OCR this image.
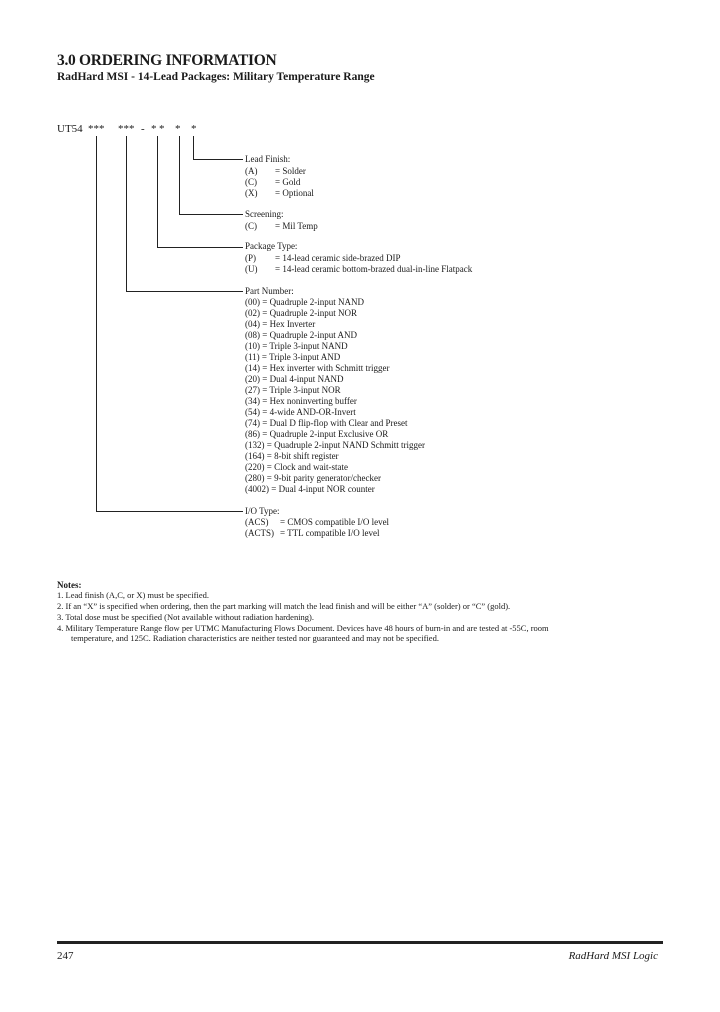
3.0 ORDERING INFORMATION
RadHard MSI - 14-Lead Packages: Military Temperature Range
UT54 *** *** - * * * *
Lead Finish:
(A) = Solder
(C) = Gold
(X) = Optional
Screening:
(C) = Mil Temp
Package Type:
(P) = 14-lead ceramic side-brazed DIP
(U) = 14-lead ceramic bottom-brazed dual-in-line Flatpack
Part Number:
(00) = Quadruple 2-input NAND
(02) = Quadruple 2-input NOR
(04) = Hex Inverter
(08) = Quadruple 2-input AND
(10) = Triple 3-input NAND
(11) = Triple 3-input AND
(14) = Hex inverter with Schmitt trigger
(20) = Dual 4-input NAND
(27) = Triple 3-input NOR
(34) = Hex noninverting buffer
(54) = 4-wide AND-OR-Invert
(74) = Dual D flip-flop with Clear and Preset
(86) = Quadruple 2-input Exclusive OR
(132) = Quadruple 2-input NAND Schmitt trigger
(164) = 8-bit shift register
(220) = Clock and wait-state
(280) = 9-bit parity generator/checker
(4002) = Dual 4-input NOR counter
I/O Type:
(ACS) = CMOS compatible I/O level
(ACTS) = TTL compatible I/O level
Notes:
1. Lead finish (A,C, or X) must be specified.
2. If an “X” is specified when ordering, then the part marking will match the lead finish and will be either “A” (solder) or “C” (gold).
3. Total dose must be specified (Not available without radiation hardening).
4. Military Temperature Range flow per UTMC Manufacturing Flows Document. Devices have 48 hours of burn-in and are tested at -55C, room
temperature, and 125C. Radiation characteristics are neither tested nor guaranteed and may not be specified.
247	RadHard MSI Logic
